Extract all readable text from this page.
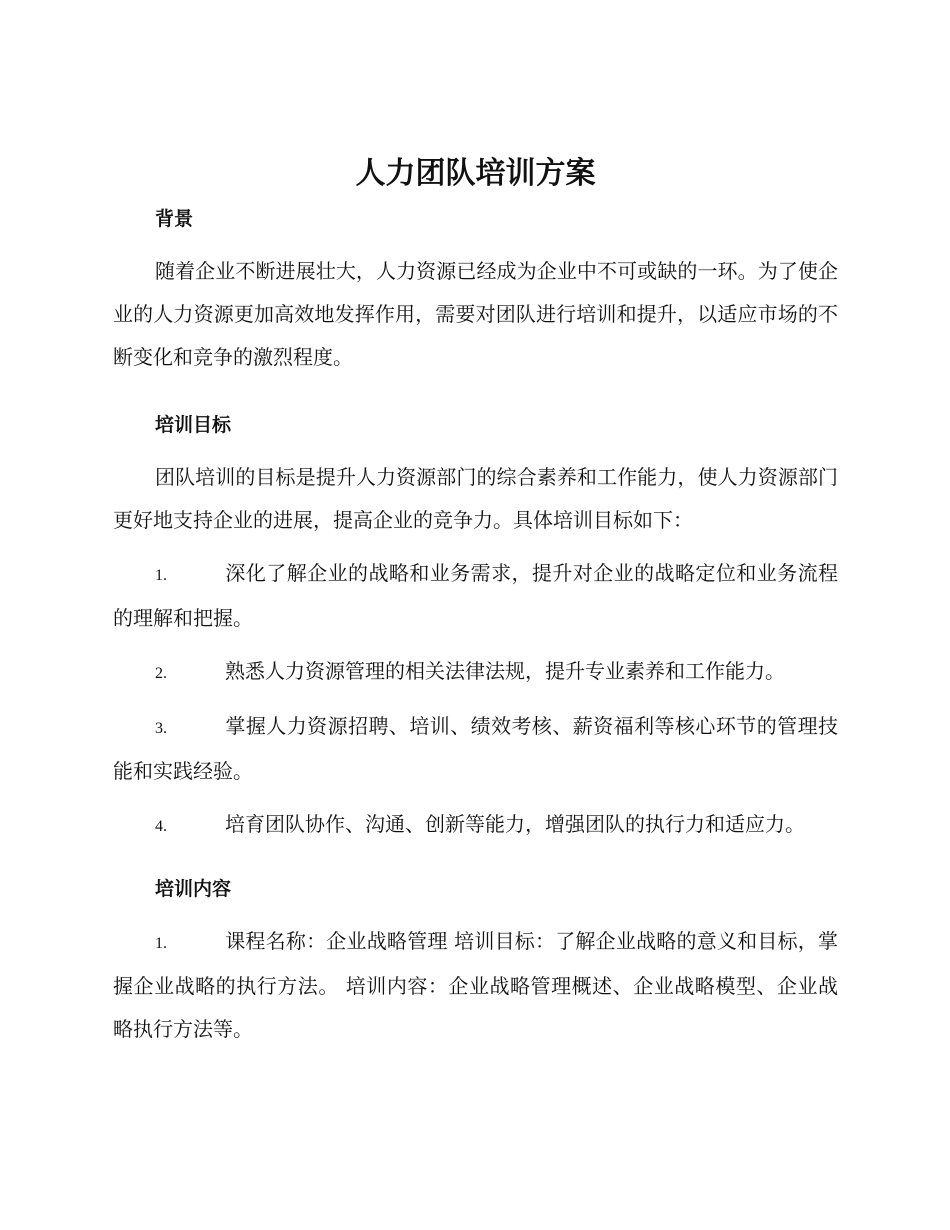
人力团队培训方案
背景

随着企业不断进展壮大，人力资源已经成为企业中不可或缺的一环。为了使企业的人力资源更加高效地发挥作用，需要对团队进行培训和提升，以适应市场的不断变化和竞争的激烈程度。

培训目标

团队培训的目标是提升人力资源部门的综合素养和工作能力，使人力资源部门更好地支持企业的进展，提高企业的竞争力。具体培训目标如下：

1.	深化了解企业的战略和业务需求，提升对企业的战略定位和业务流程的理解和把握。
2.	熟悉人力资源管理的相关法律法规，提升专业素养和工作能力。
3.	掌握人力资源招聘、培训、绩效考核、薪资福利等核心环节的管理技能和实践经验。
4.	培育团队协作、沟通、创新等能力，增强团队的执行力和适应力。
培训内容
1.	课程名称：企业战略管理 培训目标：了解企业战略的意义和目标，掌握企业战略的执行方法。 培训内容：企业战略管理概述、企业战略模型、企业战略执行方法等。
